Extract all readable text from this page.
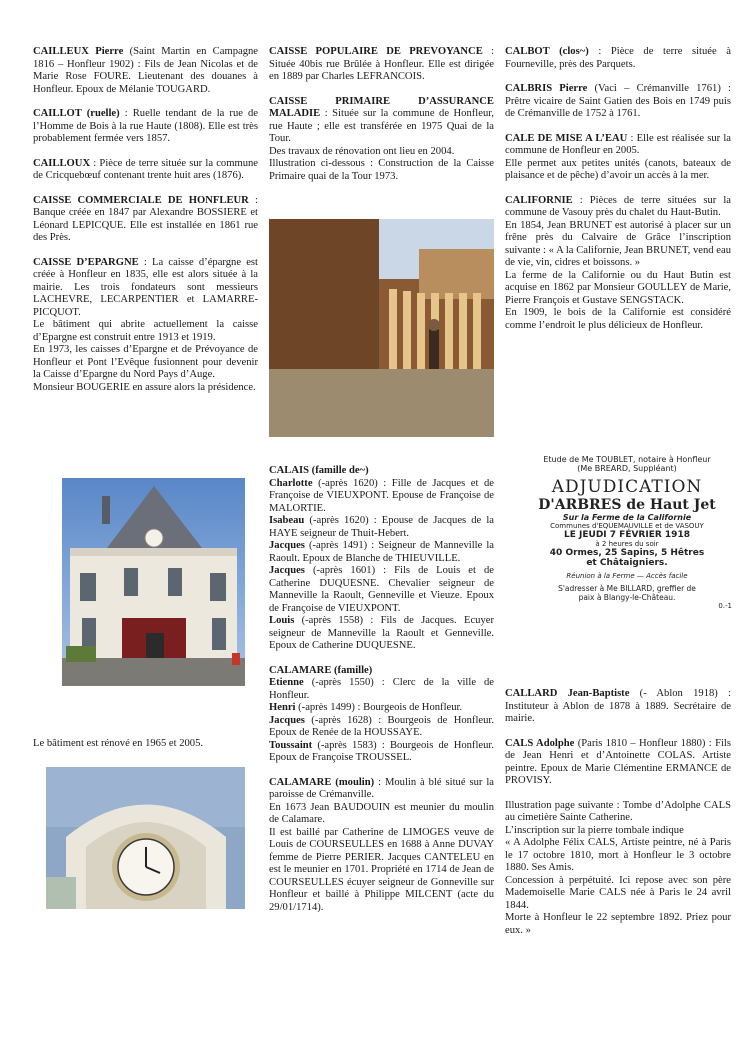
CAILLEUX Pierre (Saint Martin en Campagne 1816 – Honfleur 1902) : Fils de Jean Nicolas et de Marie Rose FOURE. Lieutenant des douanes à Honfleur. Epoux de Mélanie TOUGARD.

CAILLOT (ruelle) : Ruelle tendant de la rue de l’Homme de Bois à la rue Haute (1808). Elle est très probablement fermée vers 1857.

CAILLOUX : Pièce de terre située sur la commune de Cricquebœuf contenant trente huit ares (1876).

CAISSE COMMERCIALE DE HONFLEUR : Banque créée en 1847 par Alexandre BOSSIERE et Léonard LEPICQUE. Elle est installée en 1861 rue des Près.

CAISSE D’EPARGNE : La caisse d’épargne est créée à Honfleur en 1835, elle est alors située à la mairie. Les trois fondateurs sont messieurs LACHEVRE, LECARPENTIER et LAMARRE-PICQUOT.

Le bâtiment qui abrite actuellement la caisse d’Epargne est construit entre 1913 et 1919.

En 1973, les caisses d’Epargne et de Prévoyance de Honfleur et Pont l’Evêque fusionnent pour devenir la Caisse d’Epargne du Nord Pays d’Auge.

Monsieur BOUGERIE en assure alors la présidence.

Le bâtiment est rénové en 1965 et 2005.

CAISSE POPULAIRE DE PREVOYANCE : Située 40bis rue Brûlée à Honfleur. Elle est dirigée en 1889 par Charles LEFRANCOIS.

CAISSE PRIMAIRE D’ASSURANCE MALADIE : Située sur la commune de Honfleur, rue Haute ; elle est transférée en 1975 Quai de la Tour.

Des travaux de rénovation ont lieu en 2004.

Illustration ci-dessous : Construction de la Caisse Primaire quai de la Tour 1973.

CALAIS (famille de~)

Charlotte (-après 1620) : Fille de Jacques et de Françoise de VIEUXPONT. Epouse de Françoise de MALORTIE.

Isabeau (-après 1620) : Epouse de Jacques de la HAYE seigneur de Thuit-Hebert.

Jacques (-après 1491) : Seigneur de Manneville la Raoult. Epoux de Blanche de THIEUVILLE.

Jacques (-après 1601) : Fils de Louis et de Catherine DUQUESNE. Chevalier seigneur de Manneville la Raoult, Genneville et Vieuze. Epoux de Françoise de VIEUXPONT.

Louis (-après 1558) : Fils de Jacques. Ecuyer seigneur de Manneville la Raoult et Genneville. Epoux de Catherine DUQUESNE.

CALAMARE (famille)

Etienne (-après 1550) : Clerc de la ville de Honfleur.

Henri (-après 1499) : Bourgeois de Honfleur.

Jacques (-après 1628) : Bourgeois de Honfleur. Epoux de Renée de la HOUSSAYE.

Toussaint (-après 1583) : Bourgeois de Honfleur. Epoux de Françoise TROUSSEL.

CALAMARE (moulin) : Moulin à blé situé sur la paroisse de Crémanville.

En 1673 Jean BAUDOUIN est meunier du moulin de Calamare.

Il est baillé par Catherine de LIMOGES veuve de Louis de COURSEULLES en 1688 à Anne DUVAY femme de Pierre PERIER. Jacques CANTELEU en est le meunier en 1701. Propriété en 1714 de Jean de COURSEULLES écuyer seigneur de Gonneville sur Honfleur et baillé à Philippe MILCENT (acte du 29/01/1714).

CALBOT (clos~) : Pièce de terre située à Fourneville, près des Parquets.

CALBRIS Pierre (Vaci – Crémanville 1761) : Prêtre vicaire de Saint Gatien des Bois en 1749 puis de Crémanville de 1752 à 1761.

CALE DE MISE A L’EAU : Elle est réalisée sur la commune de Honfleur en 2005.

Elle permet aux petites unités (canots, bateaux de plaisance et de pêche) d’avoir un accès à la mer.

CALIFORNIE : Pièces de terre situées sur la commune de Vasouy près du chalet du Haut-Butin.

En 1854, Jean BRUNET est autorisé à placer sur un frêne près du Calvaire de Grâce l’inscription suivante : « A la Californie, Jean BRUNET, vend eau de vie, vin, cidres et boissons. »

La ferme de la Californie ou du Haut Butin est acquise en 1862 par Monsieur GOULLEY de Marie, Pierre François et Gustave SENGSTACK.

En 1909, le bois de la Californie est considéré comme l’endroit le plus délicieux de Honfleur.

Etude de Me TOUBLET, notaire à Honfleur
(Me BREARD, Suppléant)
ADJUDICATION
D'ARBRES de Haut Jet
Sur la Ferme de la Californie
Communes d'EQUEMAUVILLE et de VASOUY
LE JEUDI 7 FÉVRIER 1918
à 2 heures du soir
40 Ormes, 25 Sapins, 5 Hêtres
et Châtaigniers.
Réunion à la Ferme — Accès facile
S'adresser à Me BILLARD, greffier de
paix à Blangy-le-Château.
0.-1

CALLARD Jean-Baptiste (- Ablon 1918) : Instituteur à Ablon de 1878 à 1889. Secrétaire de mairie.

CALS Adolphe (Paris 1810 – Honfleur 1880) : Fils de Jean Henri et d’Antoinette COLAS. Artiste peintre. Epoux de Marie Clémentine ERMANCE de PROVISY.

Illustration page suivante : Tombe d’Adolphe CALS au cimetière Sainte Catherine.

L’inscription sur la pierre tombale indique

« A Adolphe Félix CALS, Artiste peintre, né à Paris le 17 octobre 1810, mort à Honfleur le 3 octobre 1880. Ses Amis.

Concession à perpétuité. Ici repose avec son père Mademoiselle Marie CALS née à Paris le 24 avril 1844.

Morte à Honfleur le 22 septembre 1892. Priez pour eux. »
